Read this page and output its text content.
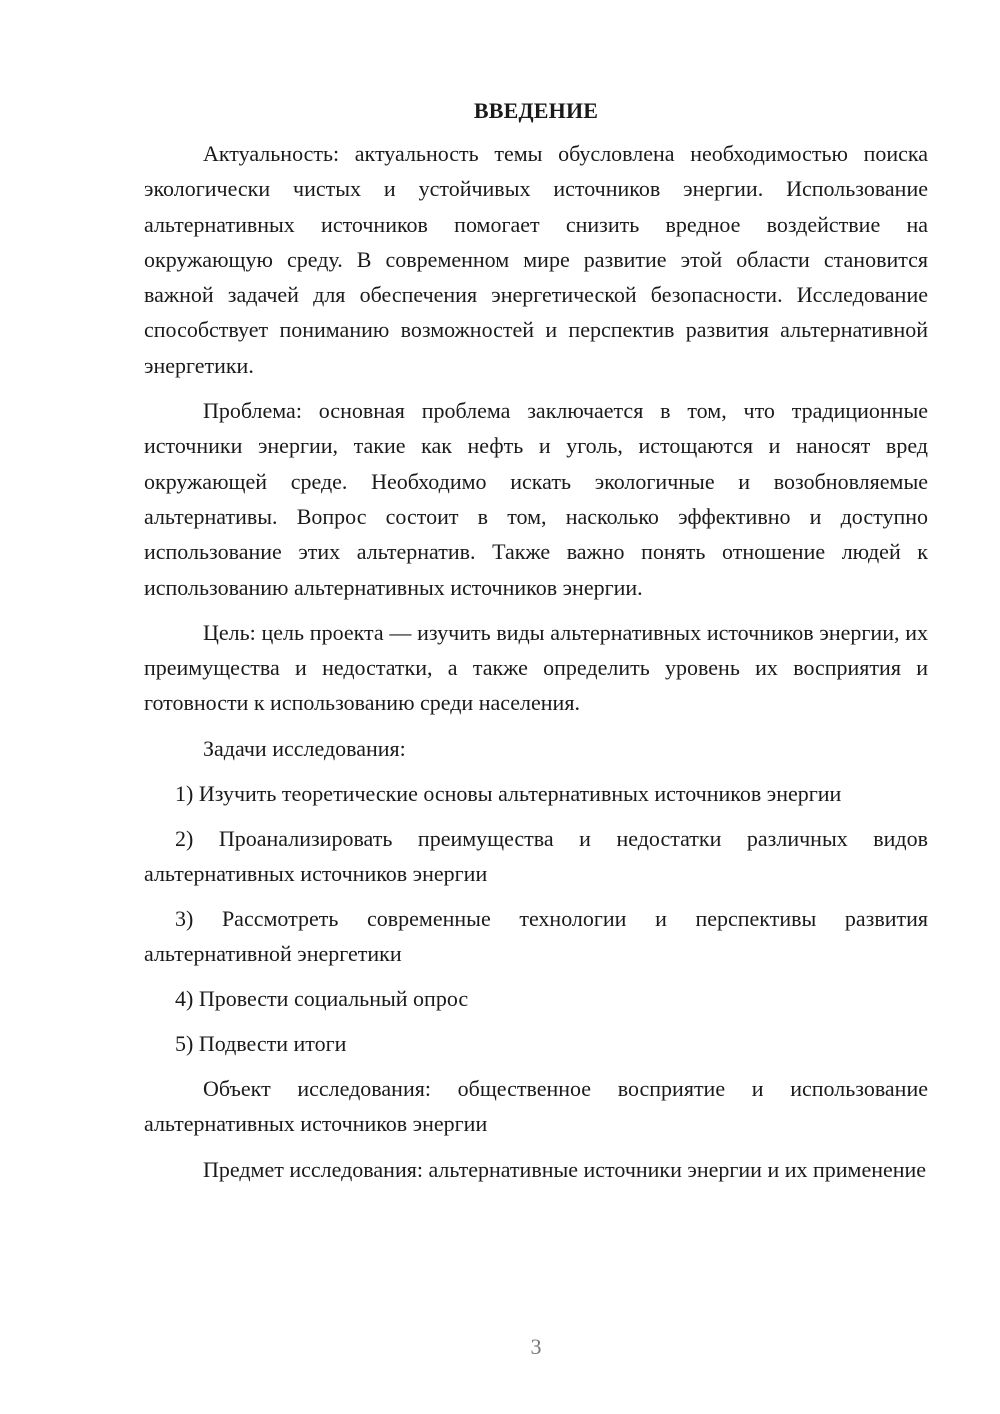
ВВЕДЕНИЕ

Актуальность: актуальность темы обусловлена необходимостью поиска экологически чистых и устойчивых источников энергии. Использование альтернативных источников помогает снизить вредное воздействие на окружающую среду. В современном мире развитие этой области становится важной задачей для обеспечения энергетической безопасности. Исследование способствует пониманию возможностей и перспектив развития альтернативной энергетики.

Проблема: основная проблема заключается в том, что традиционные источники энергии, такие как нефть и уголь, истощаются и наносят вред окружающей среде. Необходимо искать экологичные и возобновляемые альтернативы. Вопрос состоит в том, насколько эффективно и доступно использование этих альтернатив. Также важно понять отношение людей к использованию альтернативных источников энергии.

Цель: цель проекта — изучить виды альтернативных источников энергии, их преимущества и недостатки, а также определить уровень их восприятия и готовности к использованию среди населения.

Задачи исследования:

1) Изучить теоретические основы альтернативных источников энергии

2) Проанализировать преимущества и недостатки различных видов альтернативных источников энергии

3) Рассмотреть современные технологии и перспективы развития альтернативной энергетики

4) Провести социальный опрос

5) Подвести итоги

Объект исследования: общественное восприятие и использование альтернативных источников энергии

Предмет исследования: альтернативные источники энергии и их применение

3
